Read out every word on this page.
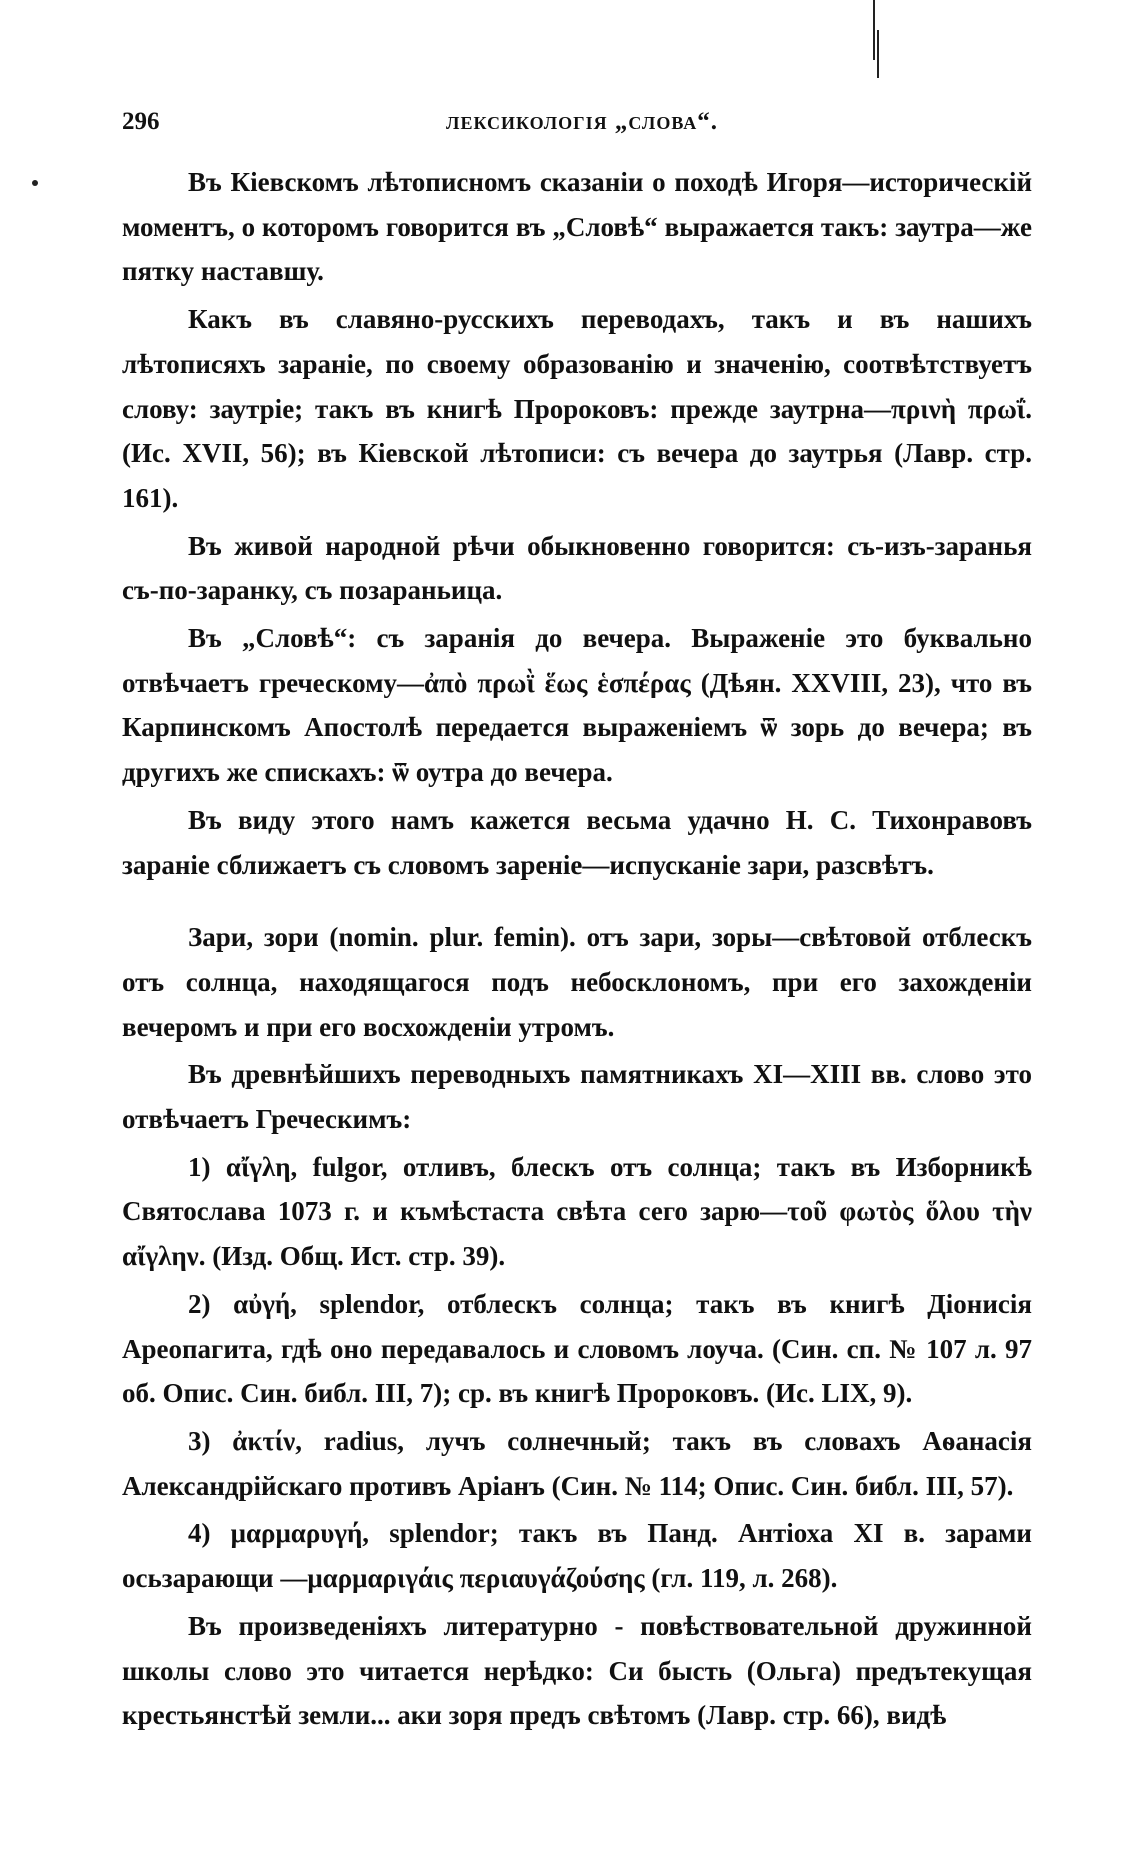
296	лексикологія „слова“.

Въ Кіевскомъ лѣтописномъ сказаніи о походѣ Игоря—историческій моментъ, о которомъ говорится въ „Словѣ“ выражается такъ: заутра—же пятку наставшу.

Какъ въ славяно-русскихъ переводахъ, такъ и въ нашихъ лѣтописяхъ заранiе, по своему образованію и значенію, соотвѣтствуетъ слову: заутріе; такъ въ книгѣ Пророковъ: прежде заутрна—πρινὴ πρωΐ. (Ис. XVII, 56); въ Кіевской лѣтописи: съ вечера до заутрья (Лавр. стр. 161).

Въ живой народной рѣчи обыкновенно говорится: съ-изъ-заранья съ-по-заранку, съ позараньица.

Въ „Словѣ“: съ заранія до вечера. Выраженіе это буквально отвѣчаетъ греческому—ἀπὸ πρωῒ ἕως ἑσπέρας (Дѣян. XXVIII, 23), что въ Карпинскомъ Апостолѣ передается выраженіемъ ѿ зорь до вечера; въ другихъ же спискахъ: ѿ оутра до вечера.

Въ виду этого намъ кажется весьма удачно Н. С. Тихонравовъ заранiе сближаетъ съ словомъ зареніе—испусканіе зари, разсвѣтъ.

Зари, зори (nomin. plur. femin). отъ зари, зоры—свѣтовой отблескъ отъ солнца, находящагося подъ небосклономъ, при его захожденіи вечеромъ и при его восхожденіи утромъ.

Въ древнѣйшихъ переводныхъ памятникахъ XI—XIII вв. слово это отвѣчаетъ Греческимъ:

1) αἴγλη, fulgor, отливъ, блескъ отъ солнца; такъ въ Изборникѣ Святослава 1073 г. и къмѣстаста свѣта сего зарю—τοῦ φωτὸς ὅλου τὴν αἴγλην. (Изд. Общ. Ист. стр. 39).

2) αὐγή, splendor, отблескъ солнца; такъ въ книгѣ Діонисія Ареопагита, гдѣ оно передавалось и словомъ лоуча. (Син. сп. № 107 л. 97 об. Опис. Син. библ. III, 7); ср. въ книгѣ Пророковъ. (Ис. LIX, 9).

3) ἀκτίν, radius, лучъ солнечный; такъ въ словахъ Аѳанасія Александрійскаго противъ Аріанъ (Син. № 114; Опис. Син. библ. III, 57).

4) μαρμαρυγή, splendor; такъ въ Панд. Антіоха XI в. зарами осьзарающи —μαρμαριγάις περιαυγάζούσης (гл. 119, л. 268).

Въ произведеніяхъ литературно - повѣствовательной дружинной школы слово это читается нерѣдко: Си бысть (Ольга) предътекущая крестьянстѣй земли... аки зоря предъ свѣтомъ (Лавр. стр. 66), видѣ
